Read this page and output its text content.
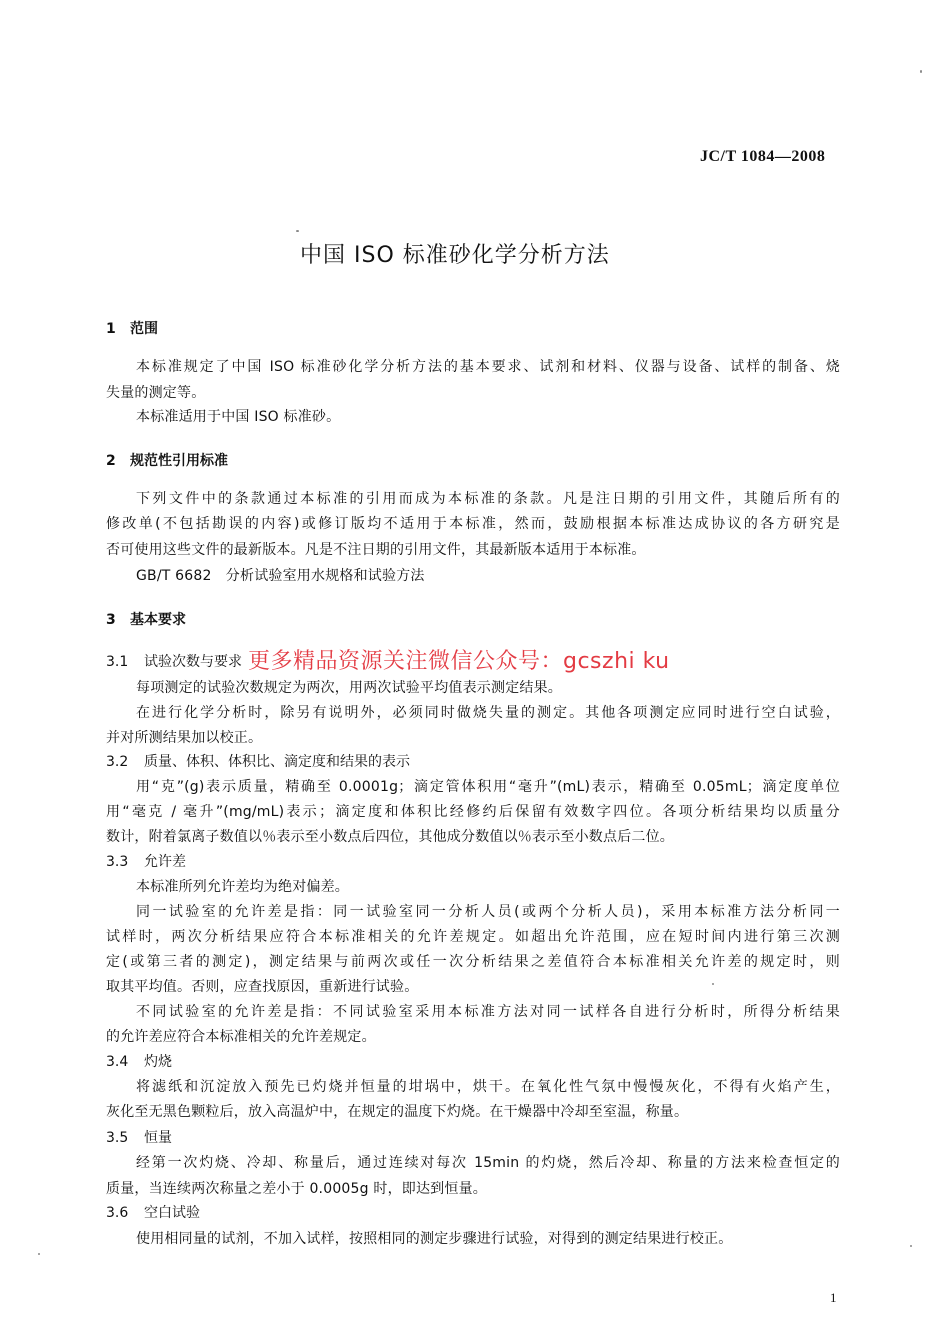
JC/T 1084—2008
中国 ISO 标准砂化学分析方法
1 范围
本标准规定了中国 ISO 标准砂化学分析方法的基本要求、试剂和材料、仪器与设备、试样的制备、烧
失量的测定等。
本标准适用于中国 ISO 标准砂。
2 规范性引用标准
下列文件中的条款通过本标准的引用而成为本标准的条款。凡是注日期的引用文件，其随后所有的
修改单(不包括勘误的内容)或修订版均不适用于本标准，然而，鼓励根据本标准达成协议的各方研究是
否可使用这些文件的最新版本。凡是不注日期的引用文件，其最新版本适用于本标准。
GB/T 6682　分析试验室用水规格和试验方法
3 基本要求
3.1 试验次数与要求
每项测定的试验次数规定为两次，用两次试验平均值表示测定结果。
在进行化学分析时，除另有说明外，必须同时做烧失量的测定。其他各项测定应同时进行空白试验，
并对所测结果加以校正。
3.2 质量、体积、体积比、滴定度和结果的表示
用“克”(g)表示质量，精确至 0.0001g；滴定管体积用“毫升”(mL)表示，精确至 0.05mL；滴定度单位
用“毫克 / 毫升”(mg/mL)表示；滴定度和体积比经修约后保留有效数字四位。各项分析结果均以质量分
数计，附着氯离子数值以％表示至小数点后四位，其他成分数值以％表示至小数点后二位。
3.3 允许差
本标准所列允许差均为绝对偏差。
同一试验室的允许差是指：同一试验室同一分析人员(或两个分析人员)，采用本标准方法分析同一
试样时，两次分析结果应符合本标准相关的允许差规定。如超出允许范围，应在短时间内进行第三次测
定(或第三者的测定)，测定结果与前两次或任一次分析结果之差值符合本标准相关允许差的规定时，则
取其平均值。否则，应查找原因，重新进行试验。
不同试验室的允许差是指：不同试验室采用本标准方法对同一试样各自进行分析时，所得分析结果
的允许差应符合本标准相关的允许差规定。
3.4 灼烧
将滤纸和沉淀放入预先已灼烧并恒量的坩埚中，烘干。在氧化性气氛中慢慢灰化，不得有火焰产生，
灰化至无黑色颗粒后，放入高温炉中，在规定的温度下灼烧。在干燥器中冷却至室温，称量。
3.5 恒量
经第一次灼烧、冷却、称量后，通过连续对每次 15min 的灼烧，然后冷却、称量的方法来检查恒定的
质量，当连续两次称量之差小于 0.0005g 时，即达到恒量。
3.6 空白试验
使用相同量的试剂，不加入试样，按照相同的测定步骤进行试验，对得到的测定结果进行校正。
更多精品资源关注微信公众号：gcszhi ku
1
